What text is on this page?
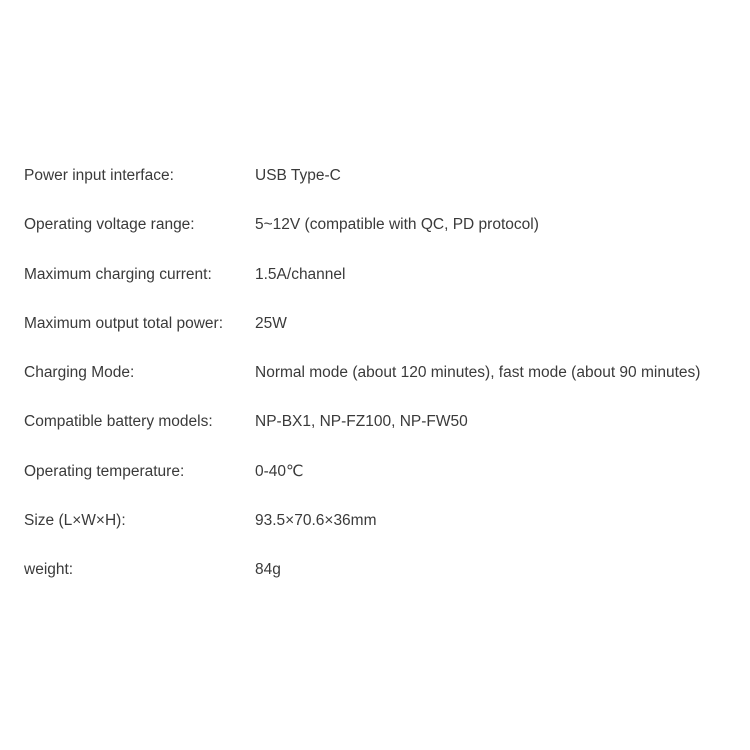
Power input interface:	USB Type-C
Operating voltage range:	5~12V (compatible with QC, PD protocol)
Maximum charging current:	1.5A/channel
Maximum output total power: 25W
Charging Mode:	Normal mode (about 120 minutes), fast mode (about 90 minutes)
Compatible battery models:	NP-BX1, NP-FZ100, NP-FW50
Operating temperature:	0-40℃
Size (L×W×H):	93.5×70.6×36mm
weight:	84g
